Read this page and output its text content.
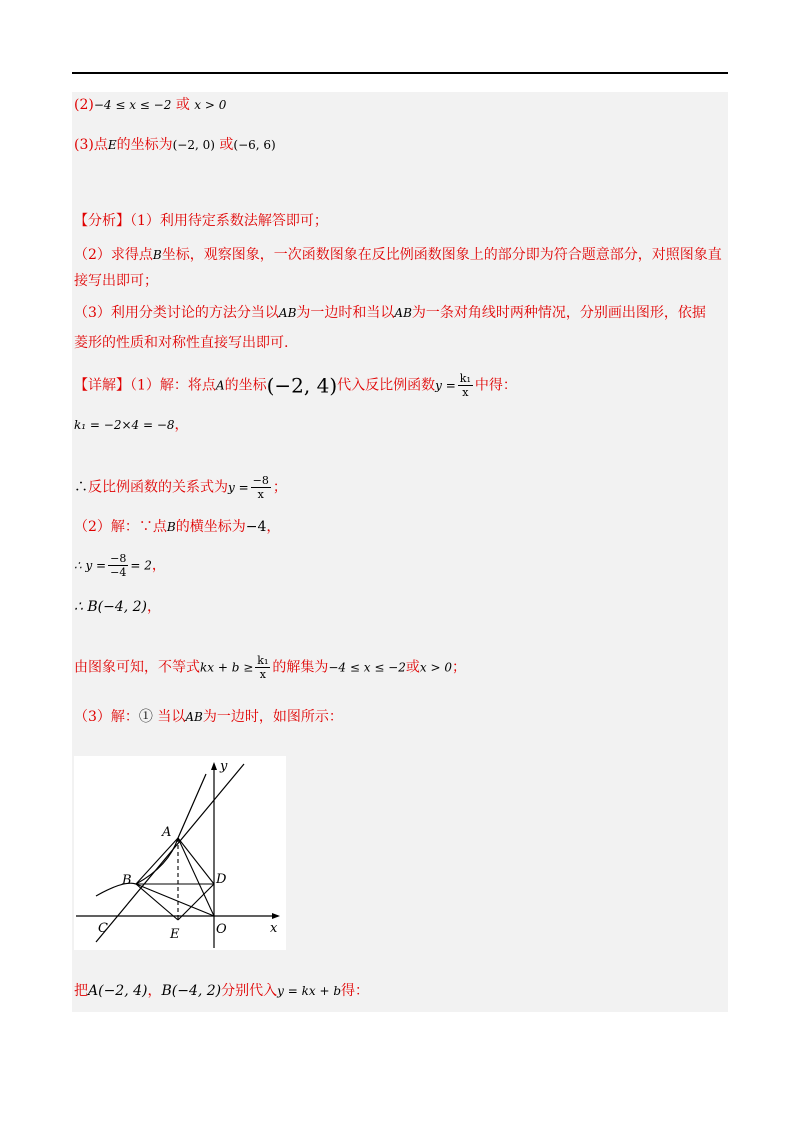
(2)−4 ≤ x ≤ −2 或 x > 0
(3)点E的坐标为(−2, 0) 或(−6, 6)
【分析】（1）利用待定系数法解答即可；
（2）求得点B坐标，观察图象，一次函数图象在反比例函数图象上的部分即为符合题意部分，对照图象直
接写出即可；
（3）利用分类讨论的方法分当以AB为一边时和当以AB为一条对角线时两种情况，分别画出图形，依据
菱形的性质和对称性直接写出即可.
【详解】（1）解：将点A的坐标(−2, 4)代入反比例函数$y = \frac{\text{k₁}}{x}$ 中得：
k₁ = −2×4 = −8，
∴反比例函数的关系式为$y = \frac{-8}{x}$ ；
（2）解：∵点B的横坐标为−4，
∴ $y = \frac{-8}{-4} = 2$，
∴ B(−4, 2)，
由图象可知，不等式kx + $b \ge \frac{\text{k₁}}{x}$ 的解集为−4 ≤ x ≤ −2或x > 0；
（3）解：① 当以AB为一边时，如图所示：
A
B
C
D
E	O	x
y
把A(−2, 4)，B(−4, 2)分别代入y = kx + b得：
